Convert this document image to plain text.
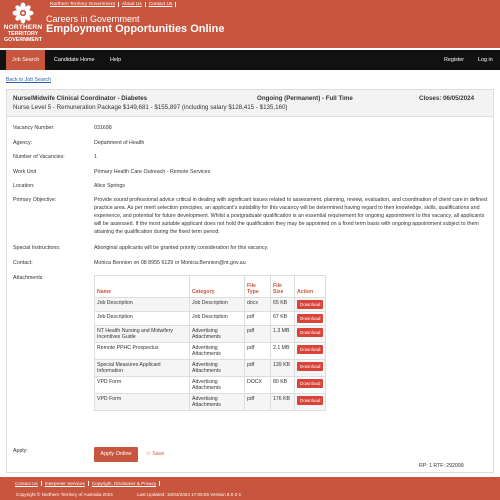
NORTHERN
TERRITORY
GOVERNMENT
Northern Territory Government About Us Contact Us
Careers in Government
Employment Opportunities Online
Job Search	Candidate Home	Help	Register	Log in
Back to Job Search
Nurse/Midwife Clinical Coordinator - Diabetes	Ongoing (Permanent) - Full Time	Closes: 06/05/2024
Nurse Level 5 - Remuneration Package $149,681 - $155,897 (including salary $128,415 - $135,160)
Vacancy Number:	031698
Agency:	Department of Health
Number of Vacancies:	1
Work Unit	Primary Health Care Outreach - Remote Services
Location:	Alice Springs
Primary Objective:	Provide sound professional advice critical in dealing with significant issues related to assessment, planning, review, evaluation, and coordination of client care in defined practice area. As per merit selection principles, an applicant's suitability for this vacancy will be determined having regard to their knowledge, skills, qualifications and experience, and potential for future development. Whilst a postgraduate qualification is an essential requirement for ongoing appointment to this vacancy, all applicants will be assessed. If the most suitable applicant does not hold the qualification they may be appointed on a fixed term basis with ongoing appointment subject to them attaining the qualification during the fixed term period.
Special Instructions:	Aboriginal applicants will be granted priority consideration for this vacancy.
Contact:	Monica Bennion on 08 8955 6129 or Monica.Bennion@nt.gov.au
Attachments
Name	Category	File Type	File Size	Action
Job Description	Job Description	docx	65 KB	Download
Job Description	Job Description	pdf	67 KB	Download
NT Health Nursing and Midwifery Incentives Guide	Advertising Attachments	pdf	1.3 MB	Download
Remote PPHC Prospectus	Advertising Attachments	pdf	2.1 MB	Download
Special Measures Applicant Information	Advertising Attachments	pdf	139 KB	Download
VPD Form	Advertising Attachments	DOCX	80 KB	Download
VPD Form	Advertising Attachments	pdf	176 KB	Download
Apply:	Apply Online	☆ Save
RP: 1 RTF: 292099
Contact Us Interpreter Services Copyright, Disclaimer & Privacy
Copyright © Northern Territory of Australia 2024	Last Updated: 16/04/2024 17:05:55 Version 8.0.2-1
